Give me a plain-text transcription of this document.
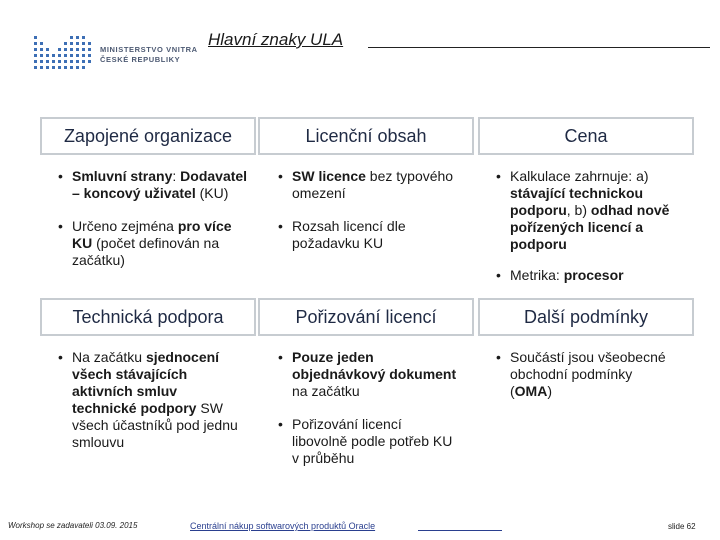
MINISTERSTVO VNITRA
ČESKÉ REPUBLIKY
Hlavní znaky ULA
Zapojené organizace	Licenční obsah	Cena
• Smluvní strany: Dodavatel – koncový uživatel (KU)
• Určeno zejména pro více KU (počet definován na začátku)
• SW licence bez typového omezení
• Rozsah licencí dle požadavku KU
• Kalkulace zahrnuje: a) stávající technickou podporu, b) odhad nově pořízených licencí a podporu
• Metrika: procesor
Technická podpora	Pořizování licencí	Další podmínky
• Na začátku sjednocení všech stávajících aktivních smluv technické podpory SW všech účastníků pod jednu smlouvu
• Pouze jeden objednávkový dokument na začátku
• Pořizování licencí libovolně podle potřeb KU v průběhu
• Součástí jsou všeobecné obchodní podmínky (OMA)
Workshop se zadavateli 03.09. 2015	Centrální nákup softwarových produktů Oracle	slide 62
